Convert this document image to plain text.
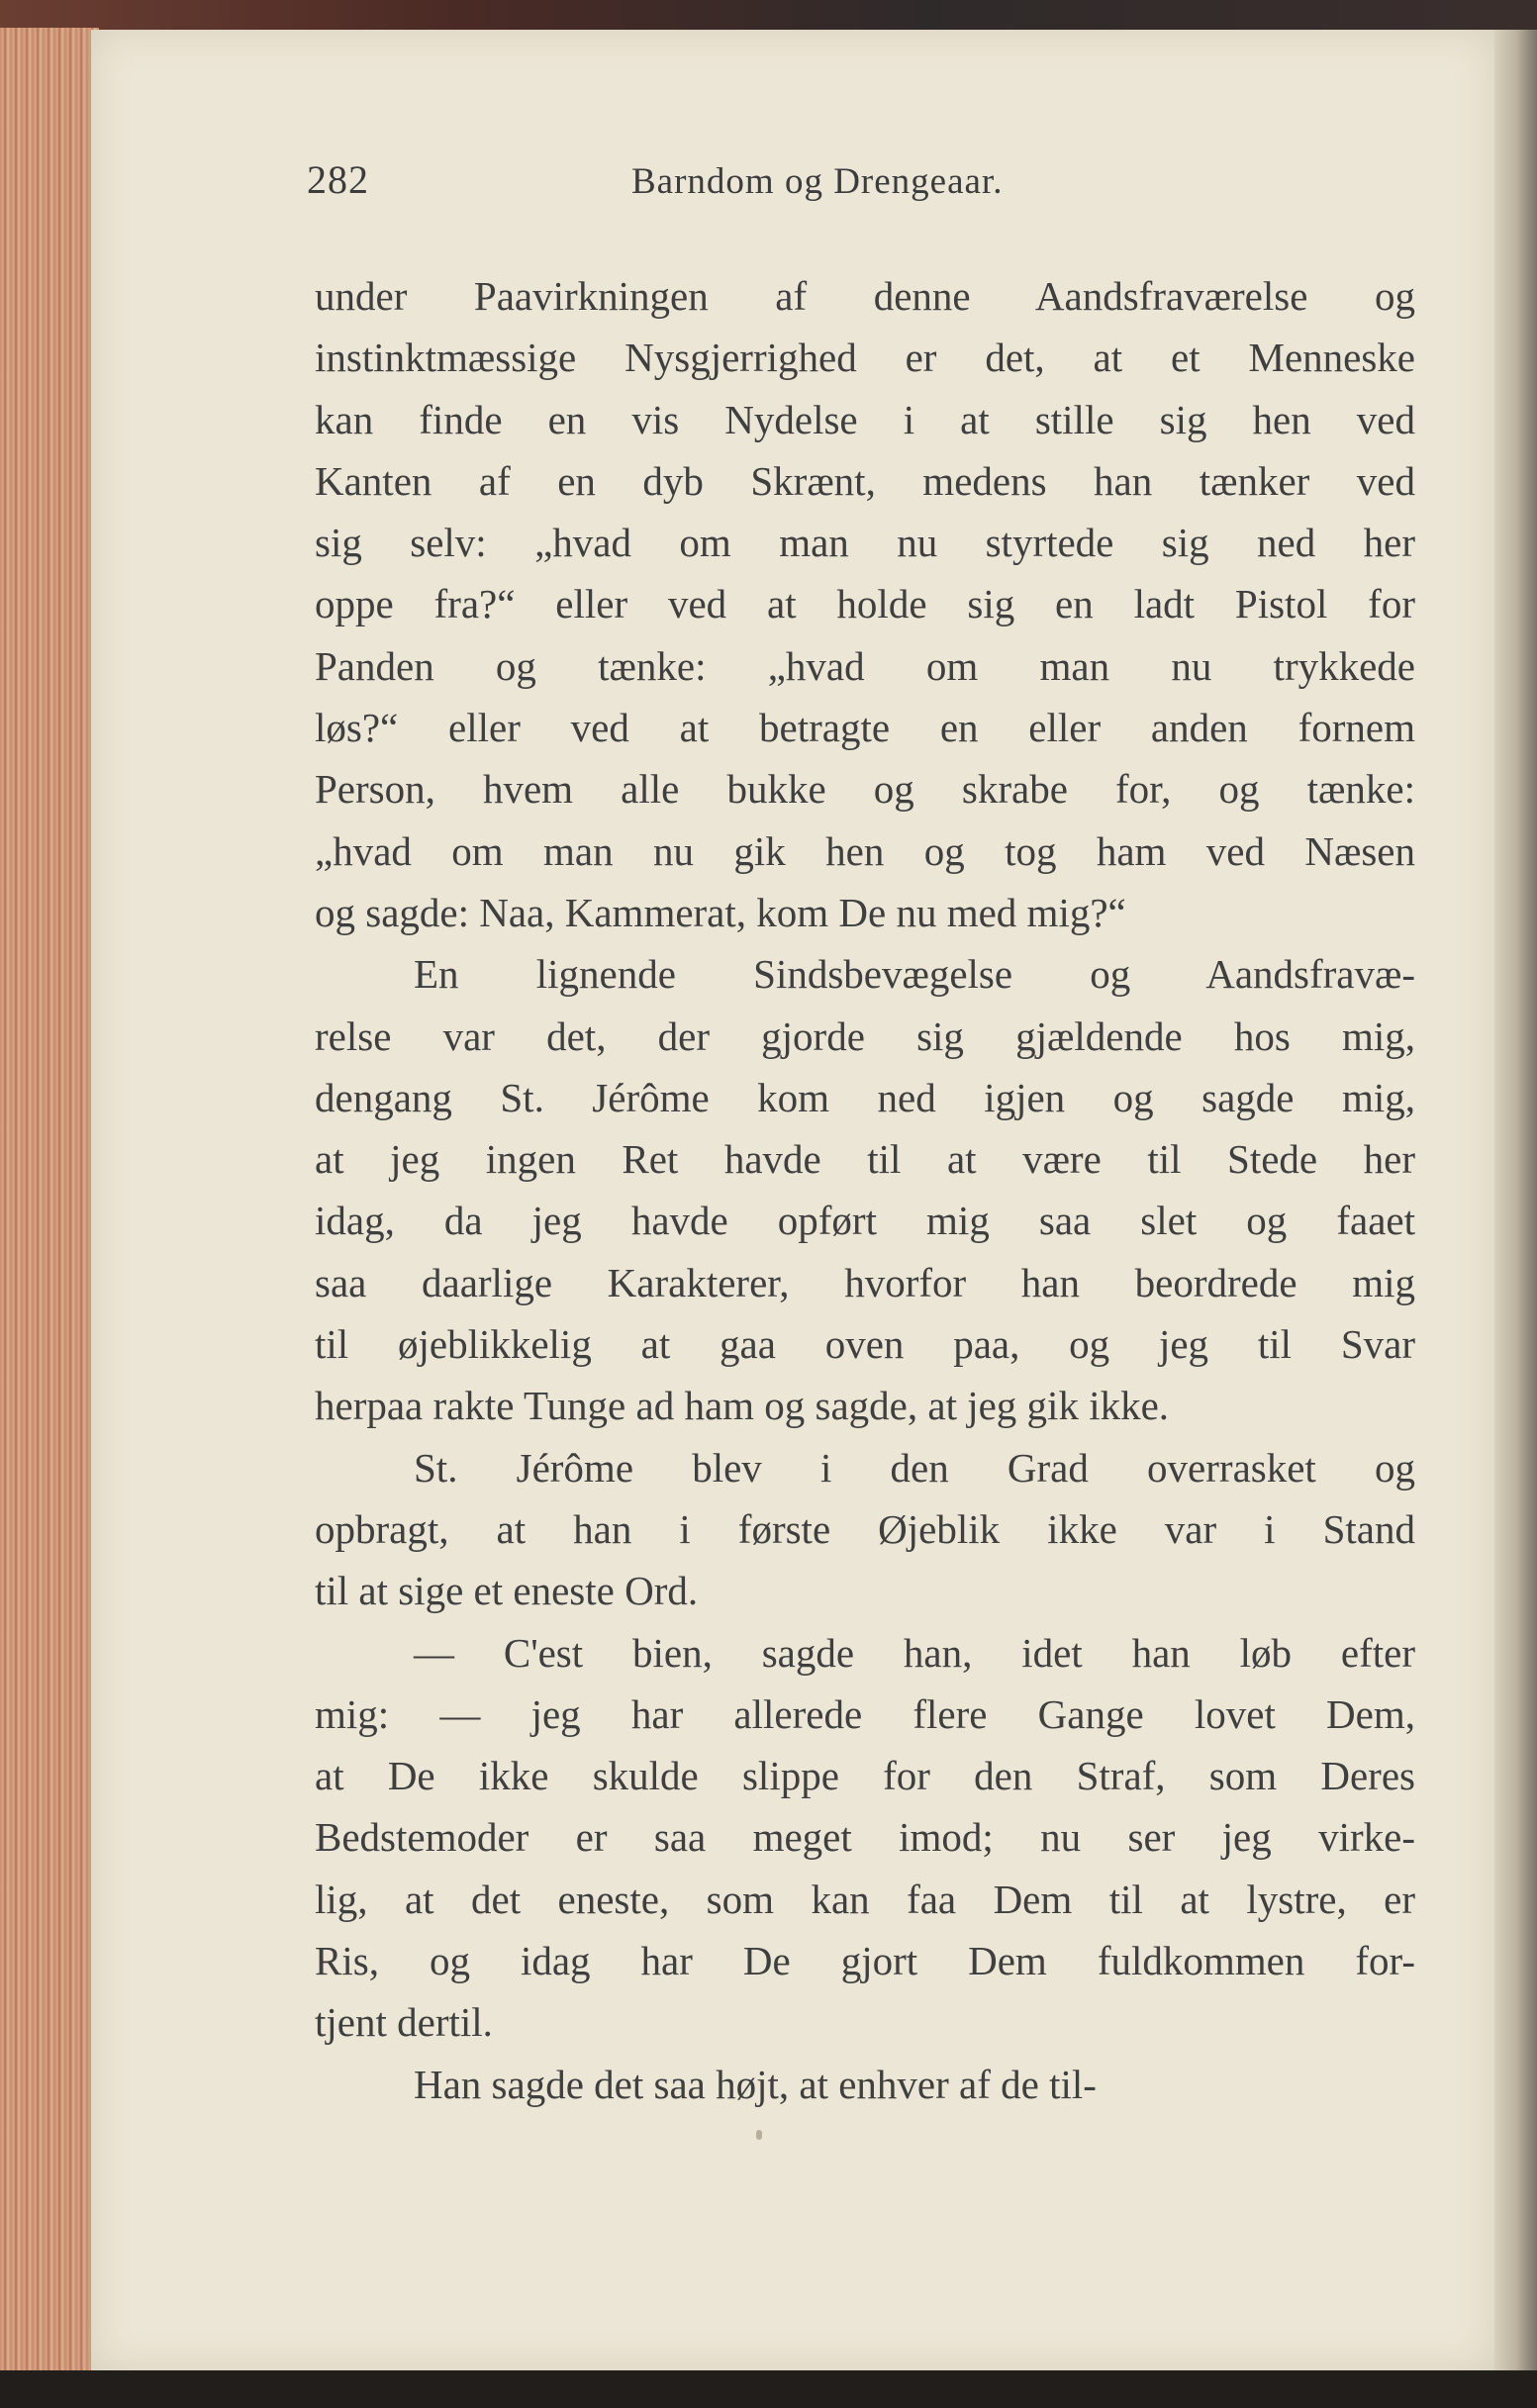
282	Barndom og Drengeaar.
under Paavirkningen af denne Aandsfraværelse og
instinktmæssige Nysgjerrighed er det, at et Menneske
kan finde en vis Nydelse i at stille sig hen ved
Kanten af en dyb Skrænt, medens han tænker ved
sig selv: „hvad om man nu styrtede sig ned her
oppe fra?“ eller ved at holde sig en ladt Pistol for
Panden og tænke: „hvad om man nu trykkede
løs?“ eller ved at betragte en eller anden fornem
Person, hvem alle bukke og skrabe for, og tænke:
„hvad om man nu gik hen og tog ham ved Næsen
og sagde: Naa, Kammerat, kom De nu med mig?“
En lignende Sindsbevægelse og Aandsfravæ-
relse var det, der gjorde sig gjældende hos mig,
dengang St. Jérôme kom ned igjen og sagde mig,
at jeg ingen Ret havde til at være til Stede her
idag, da jeg havde opført mig saa slet og faaet
saa daarlige Karakterer, hvorfor han beordrede mig
til øjeblikkelig at gaa oven paa, og jeg til Svar
herpaa rakte Tunge ad ham og sagde, at jeg gik ikke.
St. Jérôme blev i den Grad overrasket og
opbragt, at han i første Øjeblik ikke var i Stand
til at sige et eneste Ord.
— C'est bien, sagde han, idet han løb efter
mig: — jeg har allerede flere Gange lovet Dem,
at De ikke skulde slippe for den Straf, som Deres
Bedstemoder er saa meget imod; nu ser jeg virke-
lig, at det eneste, som kan faa Dem til at lystre, er
Ris, og idag har De gjort Dem fuldkommen for-
tjent dertil.
Han sagde det saa højt, at enhver af de til-
